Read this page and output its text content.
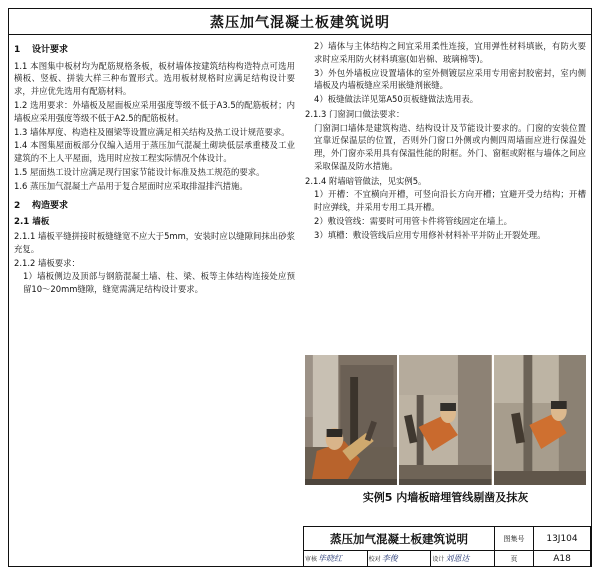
蒸压加气混凝土板建筑说明
1 设计要求

1.1 本图集中板材均为配筋规格条板，板材墙体按建筑结构构造特点可选用横板、竖板、拼装大样三种布置形式。选用板材规格时应满足结构设计要求，并应优先选用有配筋材料。

1.2 选用要求：外墙板及屋面板应采用强度等级不低于A3.5的配筋板材；内墙板应采用强度等级不低于A2.5的配筋板材。

1.3 墙体厚度、构造柱及圈梁等设置应满足相关结构及热工设计规范要求。

1.4 本图集屋面板部分仅编入适用于蒸压加气混凝土砌块低层承重楼及工业建筑的不上人平屋面，选用时应按工程实际情况个体设计。

1.5 屋面热工设计应满足现行国家节能设计标准及热工规范的要求。

1.6 蒸压加气混凝土产品用于复合屋面时应采取排湿排汽措施。

2 构造要求

2.1 墙板

2.1.1 墙板平缝拼接时板缝缝宽不应大于5mm，安装时应以缝隙间抹出砂浆充复。

2.1.2 墙板要求：

1）墙板侧边及顶部与钢筋混凝土墙、柱、梁、板等主体结构连接处应预留10～20mm缝隙，缝宽需满足结构设计要求。

2）墙体与主体结构之间宜采用柔性连接，宜用弹性材料填嵌，有防火要求时应采用防火材料填塞(如岩棉、玻璃棉等)。

3）外包外墙板应设置墙体的室外侧镀层应采用专用密封胶密封，室内侧墙板及内墙板缝应采用嵌缝剂嵌缝。

4）板缝做法详见第A50页板缝做法选用表。

2.1.3 门窗洞口做法要求：

门窗洞口墙体是建筑构造、结构设计及节能设计要求的。门窗的安装位置宜靠近保温层的位置，否则外门窗口外侧或内侧四周墙面应进行保温处理，外门窗亦采用具有保温性能的附框。外门、窗框或附框与墙体之间应采取保温及防水措施。

2.1.4 附墙暗管做法，见实例5。

1）开槽：不宜横向开槽，可竖向沿长方向开槽；宜避开受力结构；开槽时应弹线，并采用专用工具开槽。

2）敷设管线：需要时可用管卡件将管线固定在墙上。

3）填槽：敷设管线后应用专用修补材料补平并防止开裂处理。

实例5 内墙板暗埋管线剔凿及抹灰
蒸压加气混凝土板建筑说明	图集号	13J104
审核 毕晓红	校对 李俊	设计 刘恩达	页	A18
